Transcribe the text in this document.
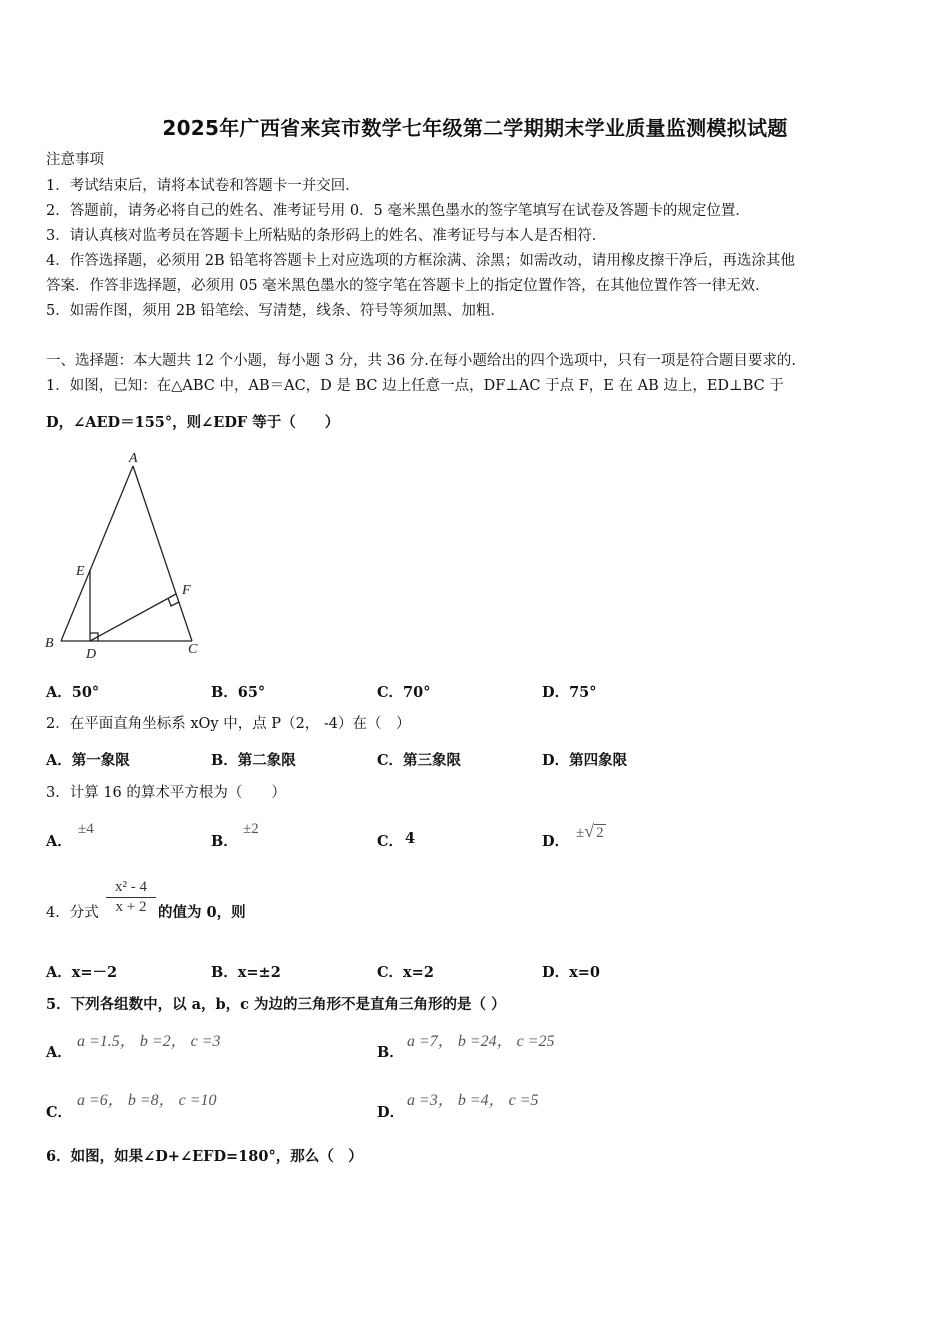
2025年广西省来宾市数学七年级第二学期期末学业质量监测模拟试题
注意事项
1．考试结束后，请将本试卷和答题卡一并交回．
2．答题前，请务必将自己的姓名、准考证号用 0．5 毫米黑色墨水的签字笔填写在试卷及答题卡的规定位置．
3．请认真核对监考员在答题卡上所粘贴的条形码上的姓名、准考证号与本人是否相符．
4．作答选择题，必须用 2B 铅笔将答题卡上对应选项的方框涂满、涂黑；如需改动，请用橡皮擦干净后，再选涂其他
答案．作答非选择题，必须用 05 毫米黑色墨水的签字笔在答题卡上的指定位置作答，在其他位置作答一律无效．
5．如需作图，须用 2B 铅笔绘、写清楚，线条、符号等须加黑、加粗．
一、选择题：本大题共 12 个小题，每小题 3 分，共 36 分.在每小题给出的四个选项中，只有一项是符合题目要求的.
1．如图，已知：在△ABC 中，AB＝AC，D 是 BC 边上任意一点，DF⊥AC 于点 F，E 在 AB 边上，ED⊥BC 于
D，∠AED＝155°，则∠EDF 等于（　　）
A
E
F
B
D	C
A．50°	B．65°	C．70°	D．75°
2．在平面直角坐标系 xOy 中，点 P（2， -4）在（　）
A．第一象限	B．第二象限	C．第三象限	D．第四象限
3．计算 16 的算术平方根为（　　）
A．
±4
B．
±2
C． 4	D． ±√ 2
4．分式
x² - 4
x + 2 的值为 0，则
A．x=－2	B．x=±2	C．x=2	D．x=0
5．下列各组数中，以 a，b，c 为边的三角形不是直角三角形的是（ ）
A．
a =1.5， b =2， c =3
B．
a =7， b =24， c =25
C．
a =6， b =8， c =10
D．
a =3， b =4， c =5
6．如图，如果∠D+∠EFD=180°，那么（　）
